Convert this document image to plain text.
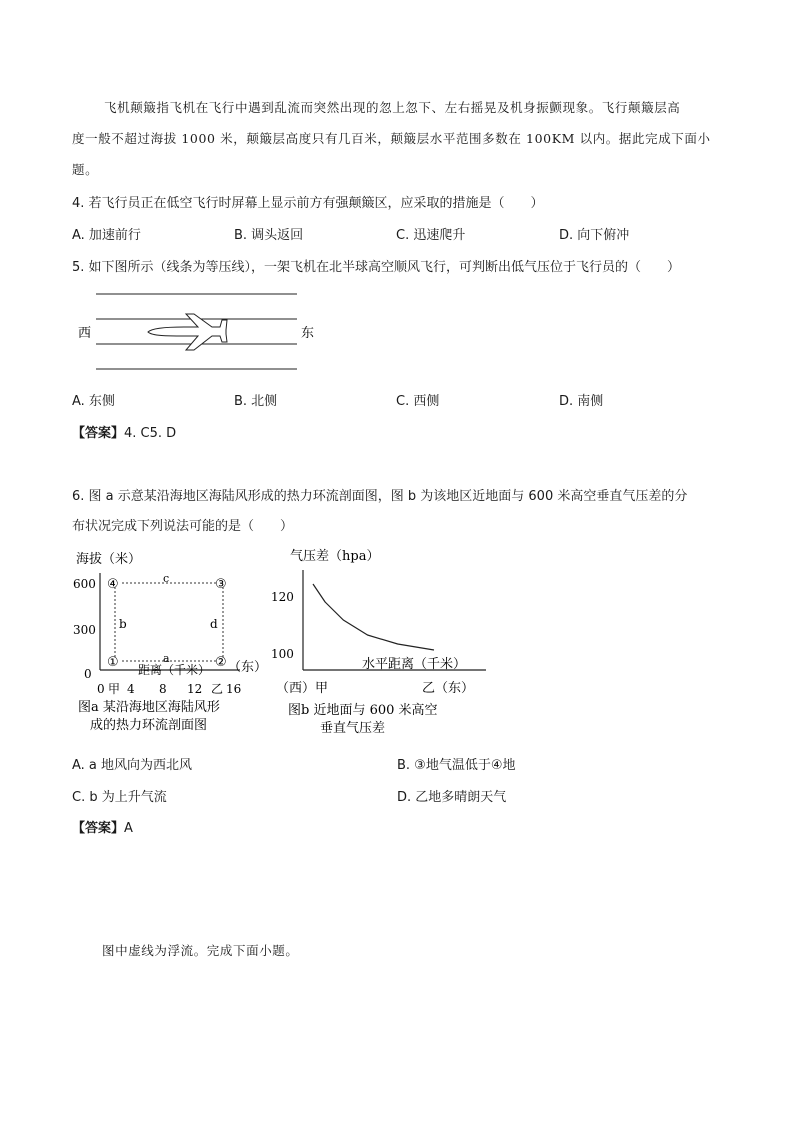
飞机颠簸指飞机在飞行中遇到乱流而突然出现的忽上忽下、左右摇晃及机身振颤现象。飞行颠簸层高
度一般不超过海拔 1000 米，颠簸层高度只有几百米，颠簸层水平范围多数在 100KM 以内。据此完成下面小
题。
4. 若飞行员正在低空飞行时屏幕上显示前方有强颠簸区，应采取的措施是（　　）
A. 加速前行	B. 调头返回	C. 迅速爬升	D. 向下俯冲
5. 如下图所示（线条为等压线），一架飞机在北半球高空顺风飞行，可判断出低气压位于飞行员的（　　）
西	东
A. 东侧	B. 北侧	C. 西侧	D. 南侧
【答案】4. C5. D
6. 图 a 示意某沿海地区海陆风形成的热力环流剖面图，图 b 为该地区近地面与 600 米高空垂直气压差的分
布状况完成下列说法可能的是（　　）
海拔（米）
600
300
0
④	③
①	②
a
b
c
d
距离（千米） （东）
0 甲 4 8 12 乙 16
图a 某沿海地区海陆风形
成的热力环流剖面图
气压差（hpa）
120
100
水平距离（千米）
（西）甲	乙（东）
图b 近地面与 600 米高空
垂直气压差
A. a 地风向为西北风	B. ③地气温低于④地
C. b 为上升气流	D. 乙地多晴朗天气
【答案】A
图中虚线为浮流。完成下面小题。
